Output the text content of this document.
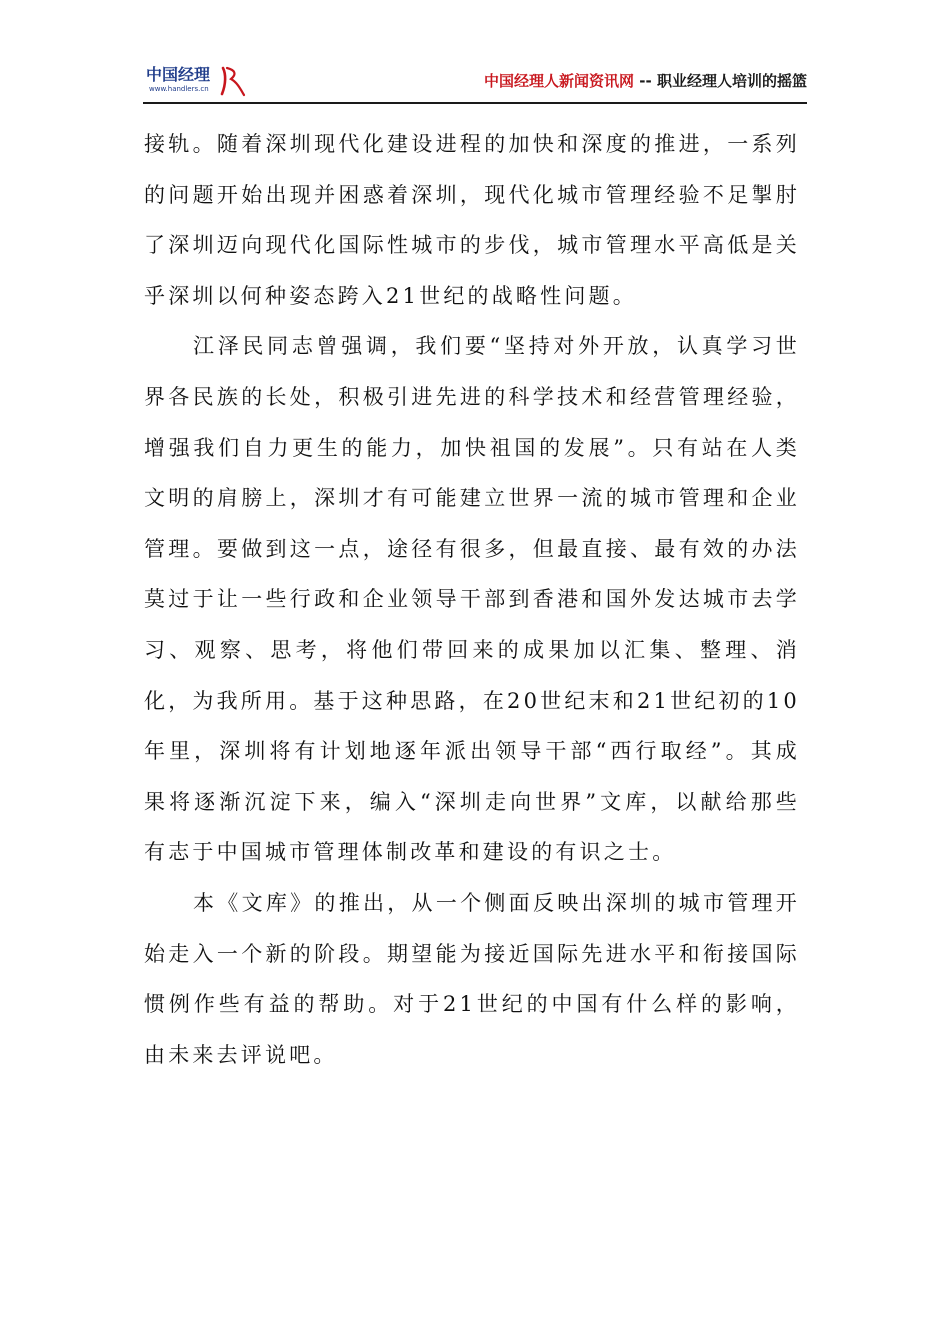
中国经理
www.handlers.cn	中国经理人新闻资讯网 -- 职业经理人培训的摇篮

接轨。随着深圳现代化建设进程的加快和深度的推进，一系列的问题开始出现并困惑着深圳，现代化城市管理经验不足掣肘了深圳迈向现代化国际性城市的步伐，城市管理水平高低是关乎深圳以何种姿态跨入21世纪的战略性问题。

江泽民同志曾强调，我们要“坚持对外开放，认真学习世界各民族的长处，积极引进先进的科学技术和经营管理经验，增强我们自力更生的能力，加快祖国的发展”。只有站在人类文明的肩膀上，深圳才有可能建立世界一流的城市管理和企业管理。要做到这一点，途径有很多，但最直接、最有效的办法莫过于让一些行政和企业领导干部到香港和国外发达城市去学习、观察、思考，将他们带回来的成果加以汇集、整理、消化，为我所用。基于这种思路，在20世纪末和21世纪初的10年里，深圳将有计划地逐年派出领导干部“西行取经”。其成果将逐渐沉淀下来，编入“深圳走向世界”文库，以献给那些有志于中国城市管理体制改革和建设的有识之士。

本《文库》的推出，从一个侧面反映出深圳的城市管理开始走入一个新的阶段。期望能为接近国际先进水平和衔接国际惯例作些有益的帮助。对于21世纪的中国有什么样的影响，由未来去评说吧。
